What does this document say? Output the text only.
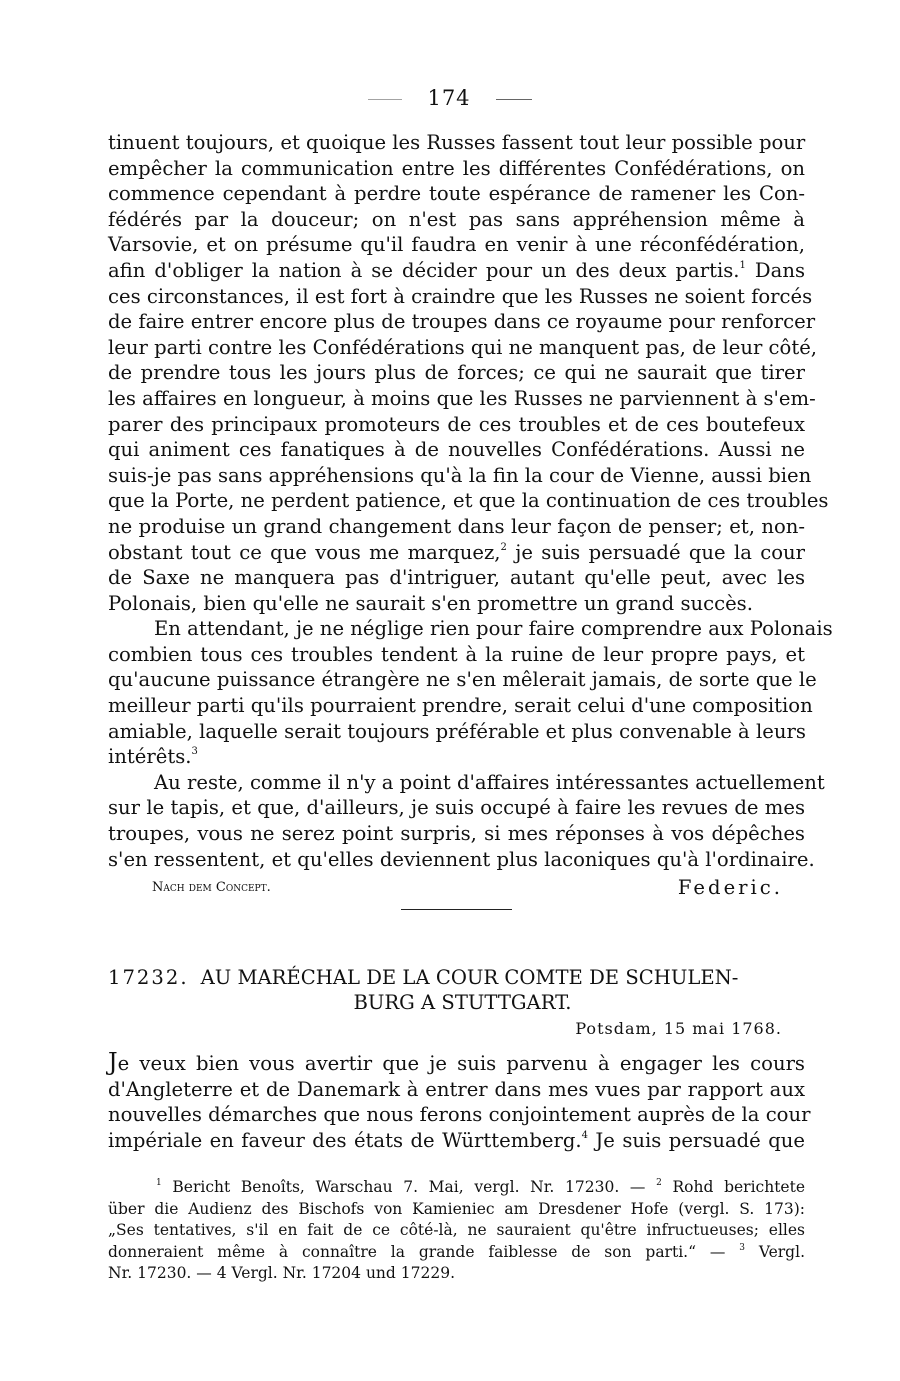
174
tinuent toujours, et quoique les Russes fassent tout leur possible pour
empêcher la communication entre les différentes Confédérations, on
commence cependant à perdre toute espérance de ramener les Con-
fédérés par la douceur; on n'est pas sans appréhension même à
Varsovie, et on présume qu'il faudra en venir à une réconfédération,
afin d'obliger la nation à se décider pour un des deux partis.$^1$ Dans
ces circonstances, il est fort à craindre que les Russes ne soient forcés
de faire entrer encore plus de troupes dans ce royaume pour renforcer
leur parti contre les Confédérations qui ne manquent pas, de leur côté,
de prendre tous les jours plus de forces; ce qui ne saurait que tirer
les affaires en longueur, à moins que les Russes ne parviennent à s'em-
parer des principaux promoteurs de ces troubles et de ces boutefeux
qui animent ces fanatiques à de nouvelles Confédérations. Aussi ne
suis-je pas sans appréhensions qu'à la fin la cour de Vienne, aussi bien
que la Porte, ne perdent patience, et que la continuation de ces troubles
ne produise un grand changement dans leur façon de penser; et, non-
obstant tout ce que vous me marquez,$^2$ je suis persuadé que la cour
de Saxe ne manquera pas d'intriguer, autant qu'elle peut, avec les
Polonais, bien qu'elle ne saurait s'en promettre un grand succès.
En attendant, je ne néglige rien pour faire comprendre aux Polonais
combien tous ces troubles tendent à la ruine de leur propre pays, et
qu'aucune puissance étrangère ne s'en mêlerait jamais, de sorte que le
meilleur parti qu'ils pourraient prendre, serait celui d'une composition
amiable, laquelle serait toujours préférable et plus convenable à leurs
intérêts.$^3$
Au reste, comme il n'y a point d'affaires intéressantes actuellement
sur le tapis, et que, d'ailleurs, je suis occupé à faire les revues de mes
troupes, vous ne serez point surpris, si mes réponses à vos dépêches
s'en ressentent, et qu'elles deviennent plus laconiques qu'à l'ordinaire.
Nach dem Concept.	Federic.
17232. AU MARÉCHAL DE LA COUR COMTE DE SCHULEN-
BURG A STUTTGART.
Potsdam, 15 mai 1768.
Je veux bien vous avertir que je suis parvenu à engager les cours
d'Angleterre et de Danemark à entrer dans mes vues par rapport aux
nouvelles démarches que nous ferons conjointement auprès de la cour
impériale en faveur des états de Württemberg.$^4$ Je suis persuadé que
$^1$ Bericht Benoîts, Warschau 7. Mai, vergl. Nr. 17230. — $^2$ Rohd berichtete
über die Audienz des Bischofs von Kamieniec am Dresdener Hofe (vergl. S. 173):
„Ses tentatives, s'il en fait de ce côté-là, ne sauraient qu'être infructueuses; elles
donneraient même à connaître la grande faiblesse de son parti.“ — $^3$ Vergl.
Nr. 17230. — 4 Vergl. Nr. 17204 und 17229.
